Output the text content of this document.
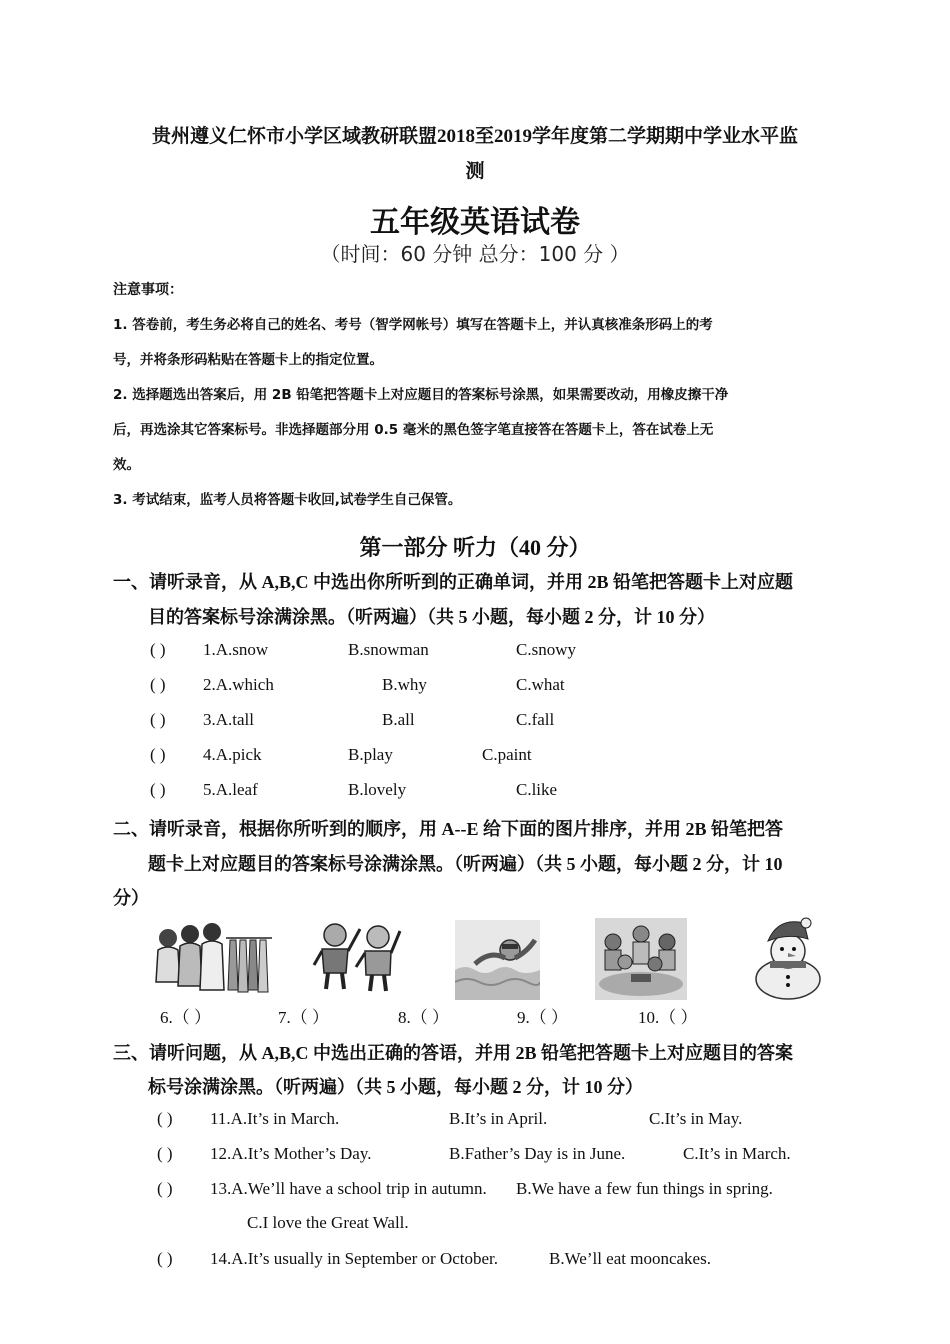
贵州遵义仁怀市小学区域教研联盟2018至2019学年度第二学期期中学业水平监
测
五年级英语试卷
（时间：60 分钟 总分：100 分 ）
注意事项：
1. 答卷前，考生务必将自己的姓名、考号（智学网帐号）填写在答题卡上，并认真核准条形码上的考
号，并将条形码粘贴在答题卡上的指定位置。
2. 选择题选出答案后，用 2B 铅笔把答题卡上对应题目的答案标号涂黑，如果需要改动，用橡皮擦干净
后，再选涂其它答案标号。非选择题部分用 0.5 毫米的黑色签字笔直接答在答题卡上，答在试卷上无
效。
3. 考试结束，监考人员将答题卡收回,试卷学生自己保管。
第一部分 听力（40 分）
一、请听录音，从 A,B,C 中选出你所听到的正确单词，并用 2B 铅笔把答题卡上对应题
目的答案标号涂满涂黑。（听两遍）（共 5 小题，每小题 2 分，计 10 分）
( ) 1.A.snow	B.snowman	C.snowy
( ) 2.A.which	B.why	C.what
( ) 3.A.tall	B.all	C.fall
( ) 4.A.pick	B.play	C.paint
( ) 5.A.leaf	B.lovely	C.like
二、请听录音，根据你所听到的顺序，用 A--E 给下面的图片排序，并用 2B 铅笔把答
题卡上对应题目的答案标号涂满涂黑。（听两遍）（共 5 小题，每小题 2 分，计 10
分）
6.（ ）	7.（ ）	8.（ ）	9.（ ）	10.（ ）
三、请听问题，从 A,B,C 中选出正确的答语，并用 2B 铅笔把答题卡上对应题目的答案
标号涂满涂黑。（听两遍）（共 5 小题，每小题 2 分，计 10 分）
( ) 11.A.It’s in March.	B.It’s in April.	C.It’s in May.
( ) 12.A.It’s Mother’s Day.	B.Father’s Day is in June.	C.It’s in March.
( ) 13.A.We’ll have a school trip in autumn. B.We have a few fun things in spring.
C.I love the Great Wall.
( ) 14.A.It’s usually in September or October.	B.We’ll eat mooncakes.
